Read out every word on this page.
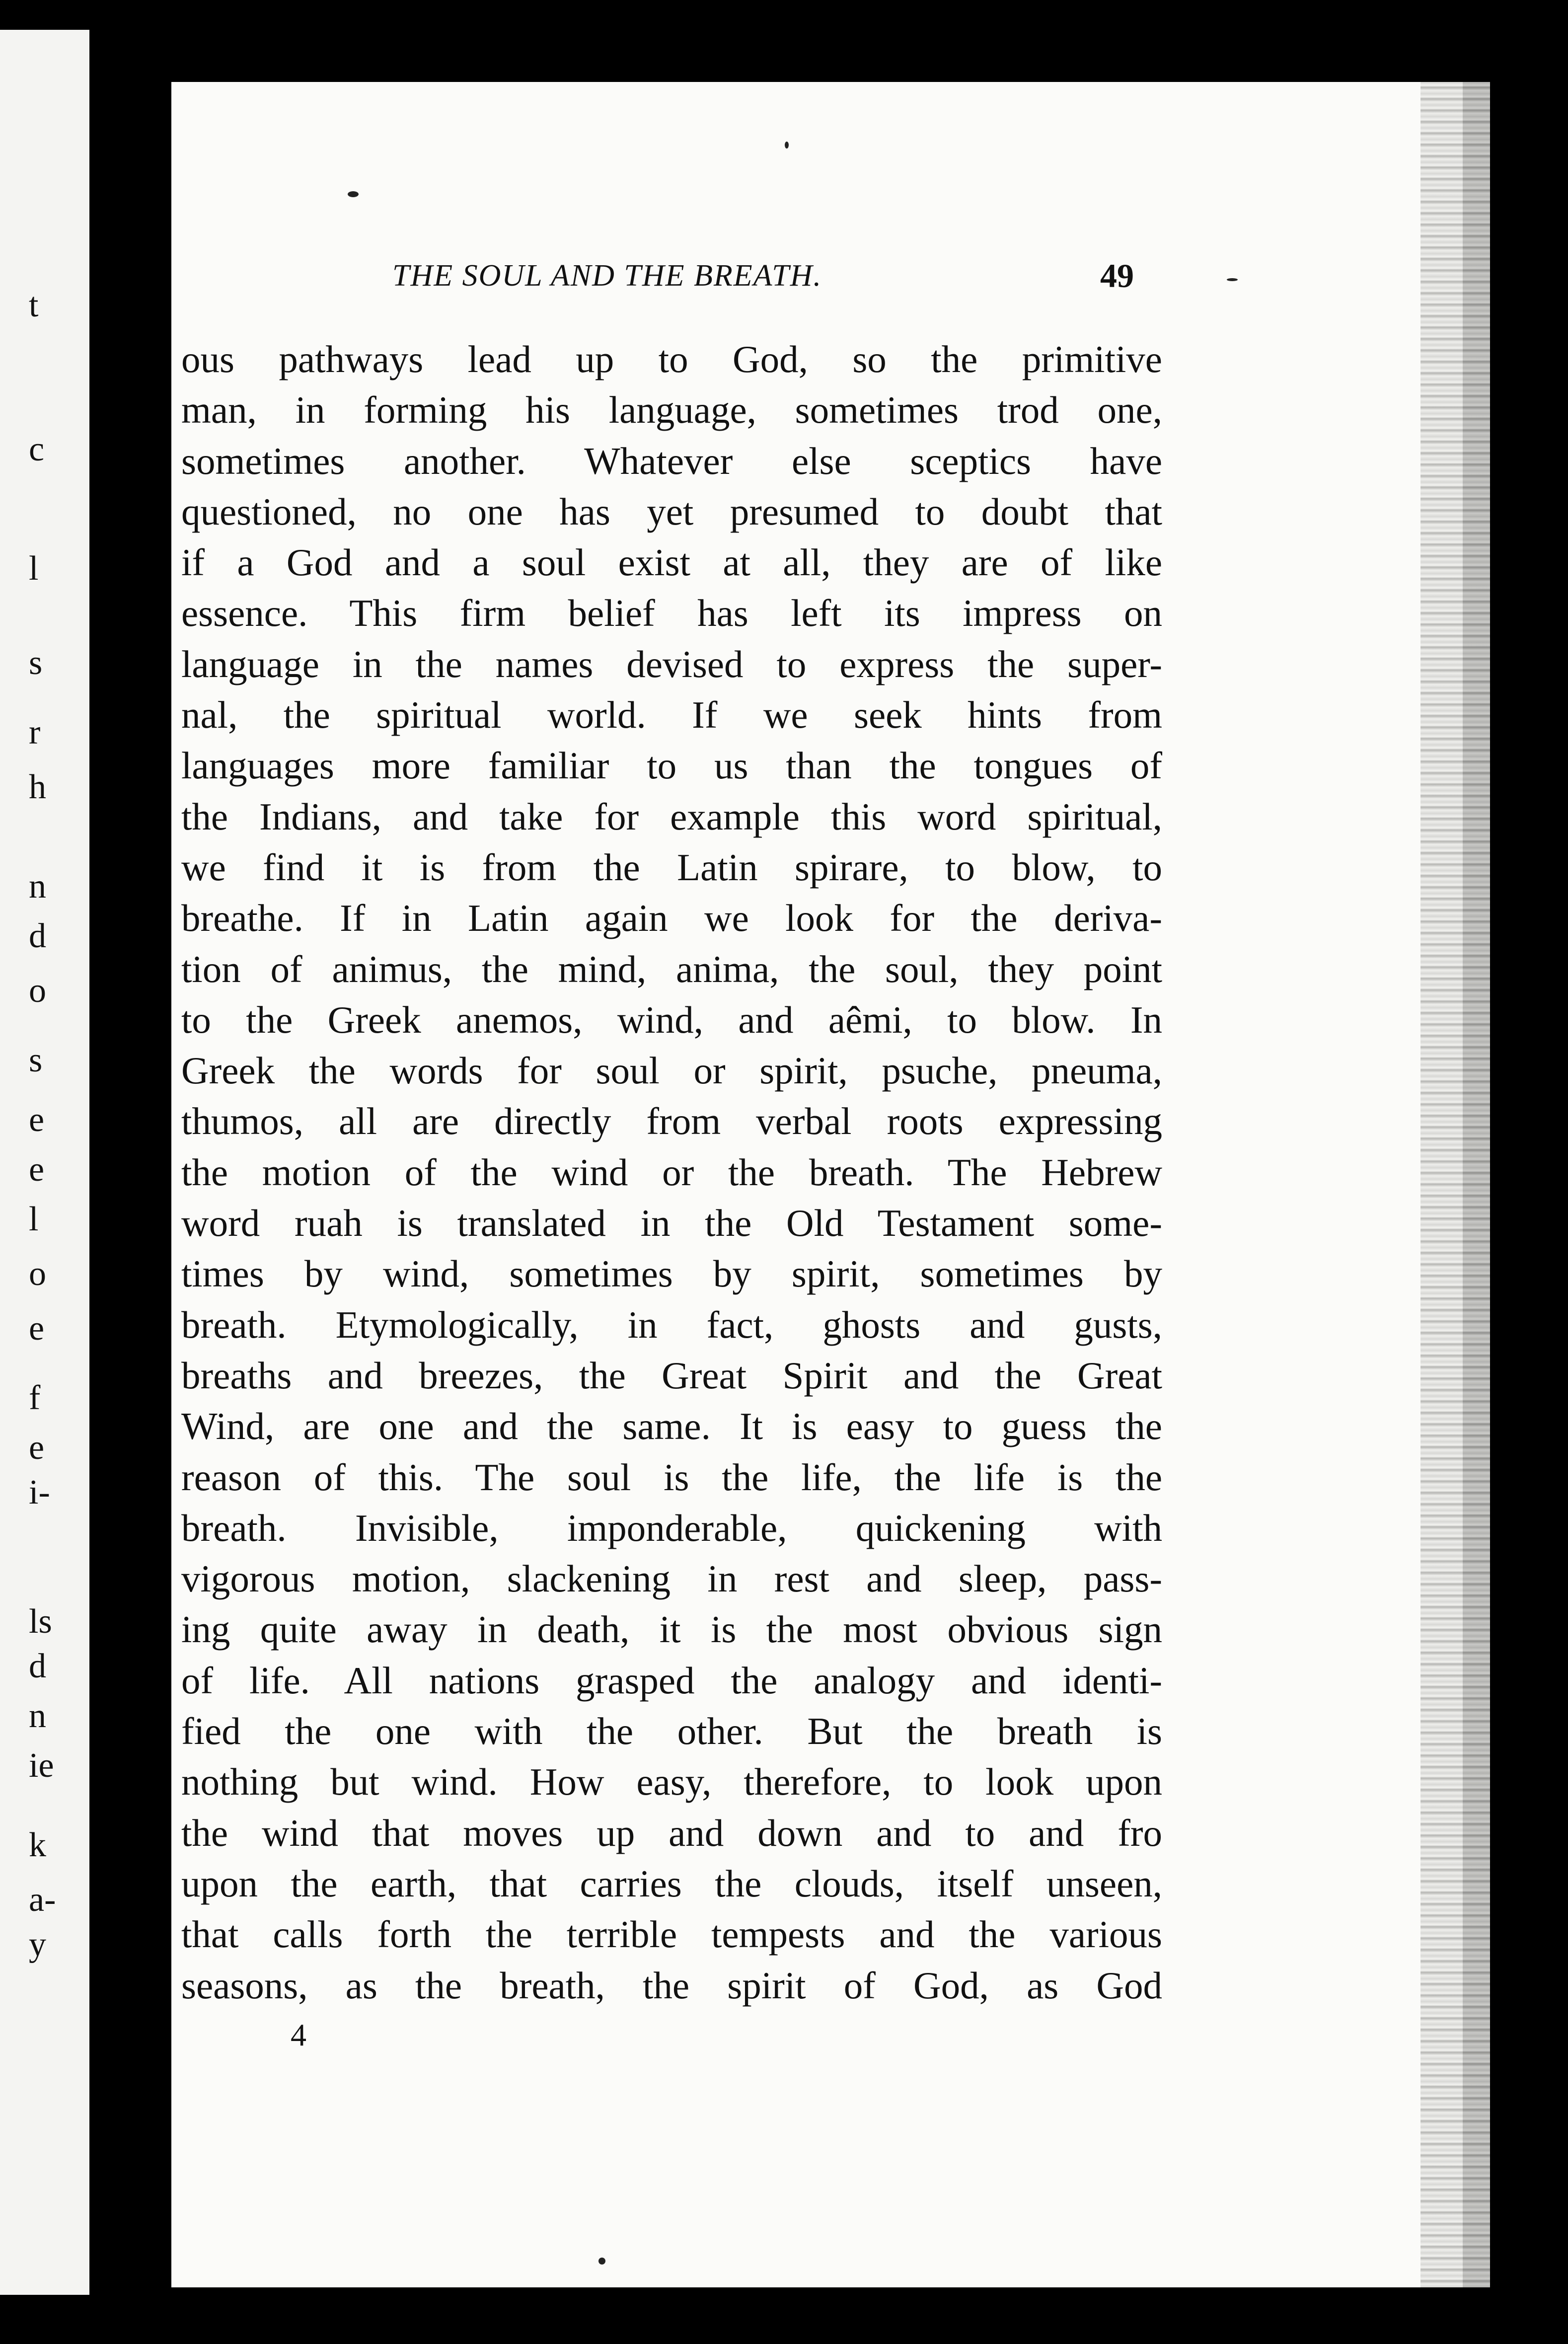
t
c
l
s
r
h
n
d
o
s
e
e
l
o
e
f
e
i-
ls
d
n
ie
k
a-
y
THE SOUL AND THE BREATH.	49
ous pathways lead up to God, so the primitive
man, in forming his language, sometimes trod one,
sometimes another. Whatever else sceptics have
questioned, no one has yet presumed to doubt that
if a God and a soul exist at all, they are of like
essence. This firm belief has left its impress on
language in the names devised to express the super-
nal, the spiritual world. If we seek hints from
languages more familiar to us than the tongues of
the Indians, and take for example this word spiritual,
we find it is from the Latin spirare, to blow, to
breathe. If in Latin again we look for the deriva-
tion of animus, the mind, anima, the soul, they point
to the Greek anemos, wind, and aêmi, to blow. In
Greek the words for soul or spirit, psuche, pneuma,
thumos, all are directly from verbal roots expressing
the motion of the wind or the breath. The Hebrew
word ruah is translated in the Old Testament some-
times by wind, sometimes by spirit, sometimes by
breath. Etymologically, in fact, ghosts and gusts,
breaths and breezes, the Great Spirit and the Great
Wind, are one and the same. It is easy to guess the
reason of this. The soul is the life, the life is the
breath. Invisible, imponderable, quickening with
vigorous motion, slackening in rest and sleep, pass-
ing quite away in death, it is the most obvious sign
of life. All nations grasped the analogy and identi-
fied the one with the other. But the breath is
nothing but wind. How easy, therefore, to look upon
the wind that moves up and down and to and fro
upon the earth, that carries the clouds, itself unseen,
that calls forth the terrible tempests and the various
seasons, as the breath, the spirit of God, as God
4
